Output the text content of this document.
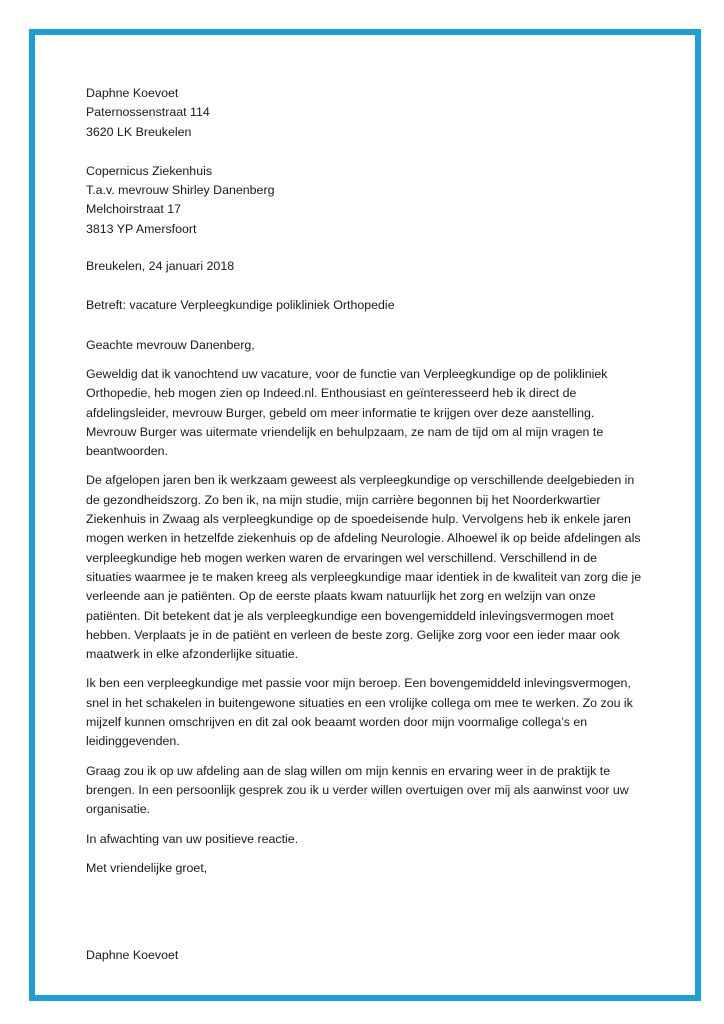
Daphne Koevoet
Paternossenstraat 114
3620 LK Breukelen
Copernicus Ziekenhuis
T.a.v. mevrouw Shirley Danenberg
Melchoirstraat 17
3813 YP Amersfoort
Breukelen, 24 januari 2018
Betreft: vacature Verpleegkundige polikliniek Orthopedie
Geachte mevrouw Danenberg,
Geweldig dat ik vanochtend uw vacature, voor de functie van Verpleegkundige op de polikliniek
Orthopedie, heb mogen zien op Indeed.nl. Enthousiast en geïnteresseerd heb ik direct de
afdelingsleider, mevrouw Burger, gebeld om meer informatie te krijgen over deze aanstelling.
Mevrouw Burger was uitermate vriendelijk en behulpzaam, ze nam de tijd om al mijn vragen te
beantwoorden.
De afgelopen jaren ben ik werkzaam geweest als verpleegkundige op verschillende deelgebieden in
de gezondheidszorg. Zo ben ik, na mijn studie, mijn carrière begonnen bij het Noorderkwartier
Ziekenhuis in Zwaag als verpleegkundige op de spoedeisende hulp. Vervolgens heb ik enkele jaren
mogen werken in hetzelfde ziekenhuis op de afdeling Neurologie. Alhoewel ik op beide afdelingen als
verpleegkundige heb mogen werken waren de ervaringen wel verschillend. Verschillend in de
situaties waarmee je te maken kreeg als verpleegkundige maar identiek in de kwaliteit van zorg die je
verleende aan je patiënten. Op de eerste plaats kwam natuurlijk het zorg en welzijn van onze
patiënten. Dit betekent dat je als verpleegkundige een bovengemiddeld inlevingsvermogen moet
hebben. Verplaats je in de patiënt en verleen de beste zorg. Gelijke zorg voor een ieder maar ook
maatwerk in elke afzonderlijke situatie.
Ik ben een verpleegkundige met passie voor mijn beroep. Een bovengemiddeld inlevingsvermogen,
snel in het schakelen in buitengewone situaties en een vrolijke collega om mee te werken. Zo zou ik
mijzelf kunnen omschrijven en dit zal ook beaamt worden door mijn voormalige collega’s en
leidinggevenden.
Graag zou ik op uw afdeling aan de slag willen om mijn kennis en ervaring weer in de praktijk te
brengen. In een persoonlijk gesprek zou ik u verder willen overtuigen over mij als aanwinst voor uw
organisatie.
In afwachting van uw positieve reactie.
Met vriendelijke groet,
Daphne Koevoet
